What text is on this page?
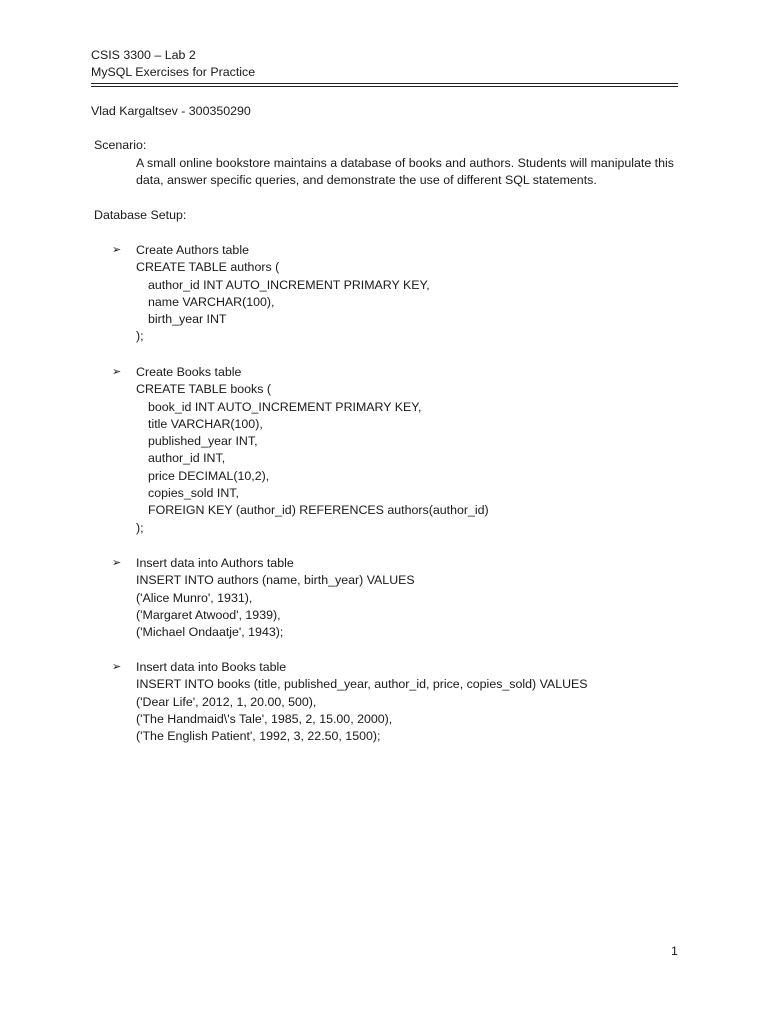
CSIS 3300 – Lab 2
MySQL Exercises for Practice
Vlad Kargaltsev - 300350290
Scenario:
A small online bookstore maintains a database of books and authors. Students will manipulate this data, answer specific queries, and demonstrate the use of different SQL statements.
Database Setup:
➢	Create Authors table
CREATE TABLE authors (
author_id INT AUTO_INCREMENT PRIMARY KEY,
name VARCHAR(100),
birth_year INT
);
➢	Create Books table
CREATE TABLE books (
book_id INT AUTO_INCREMENT PRIMARY KEY,
title VARCHAR(100),
published_year INT,
author_id INT,
price DECIMAL(10,2),
copies_sold INT,
FOREIGN KEY (author_id) REFERENCES authors(author_id)
);
➢	Insert data into Authors table
INSERT INTO authors (name, birth_year) VALUES
('Alice Munro', 1931),
('Margaret Atwood', 1939),
('Michael Ondaatje', 1943);
➢	Insert data into Books table
INSERT INTO books (title, published_year, author_id, price, copies_sold) VALUES
('Dear Life', 2012, 1, 20.00, 500),
('The Handmaid\'s Tale', 1985, 2, 15.00, 2000),
('The English Patient', 1992, 3, 22.50, 1500);
1
